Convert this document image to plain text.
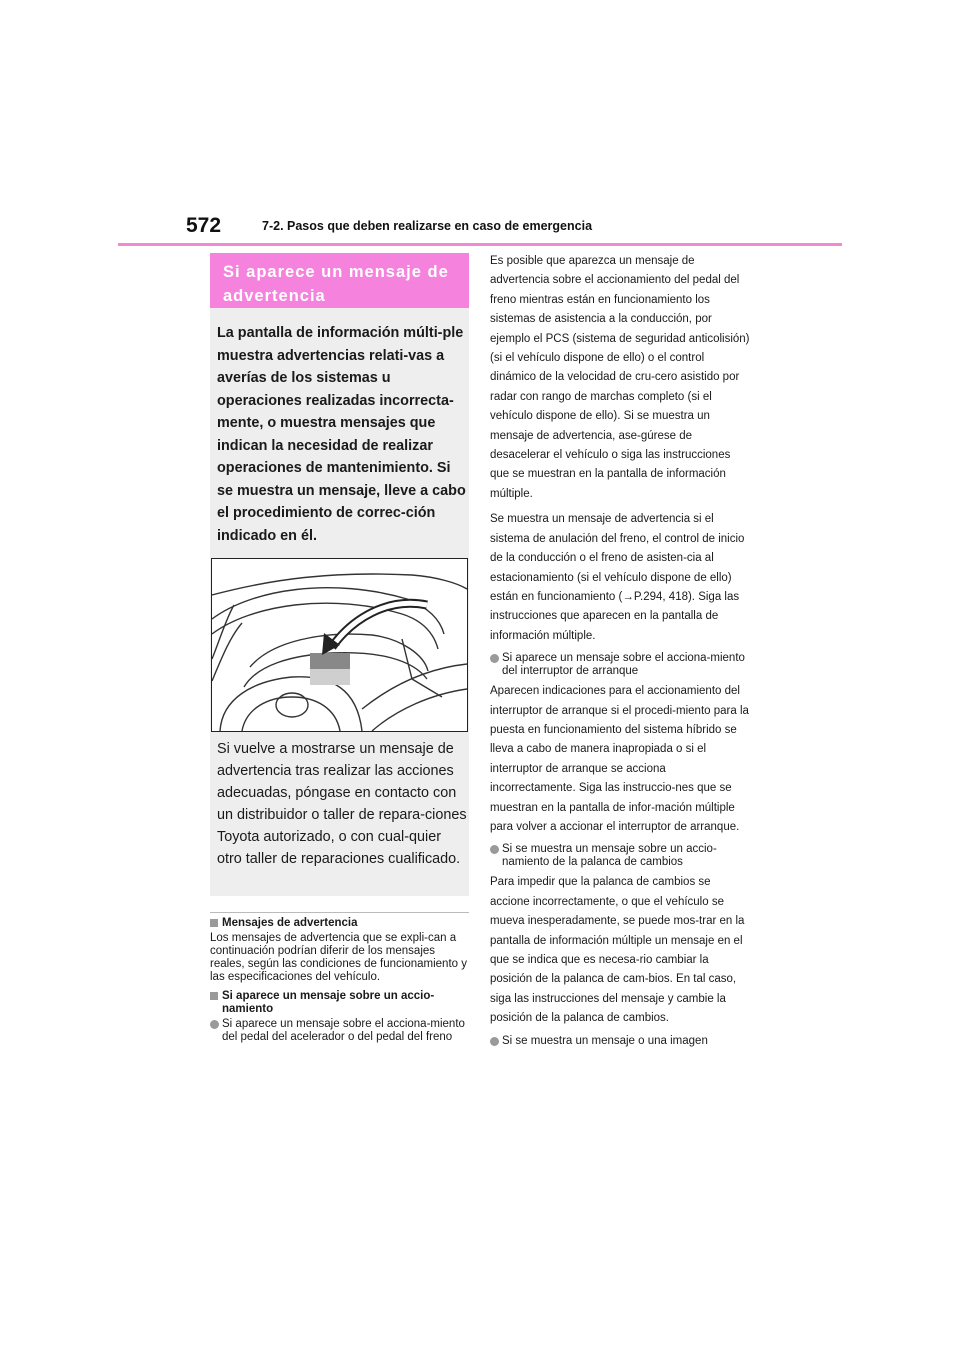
572	7-2. Pasos que deben realizarse en caso de emergencia
Si aparece un mensaje de
advertencia
La pantalla de información múlti-ple muestra advertencias relati-vas a averías de los sistemas u operaciones realizadas incorrecta-mente, o muestra mensajes que indican la necesidad de realizar operaciones de mantenimiento. Si se muestra un mensaje, lleve a cabo el procedimiento de correc-ción indicado en él.
Si vuelve a mostrarse un mensaje de advertencia tras realizar las acciones adecuadas, póngase en contacto con un distribuidor o taller de repara-ciones Toyota autorizado, o con cual-quier otro taller de reparaciones cualificado.

Mensajes de advertencia

Los mensajes de advertencia que se expli-can a continuación podrían diferir de los mensajes reales, según las condiciones de funcionamiento y las especificaciones del vehículo.

Si aparece un mensaje sobre un accio-namiento

Si aparece un mensaje sobre el acciona-miento del pedal del acelerador o del pedal del freno

Es posible que aparezca un mensaje de advertencia sobre el accionamiento del pedal del freno mientras están en funcionamiento los sistemas de asistencia a la conducción, por ejemplo el PCS (sistema de seguridad anticolisión) (si el vehículo dispone de ello) o el control dinámico de la velocidad de cru-cero asistido por radar con rango de marchas completo (si el vehículo dispone de ello). Si se muestra un mensaje de advertencia, ase-gúrese de desacelerar el vehículo o siga las instrucciones que se muestran en la pantalla de información múltiple.

Se muestra un mensaje de advertencia si el sistema de anulación del freno, el control de inicio de la conducción o el freno de asisten-cia al estacionamiento (si el vehículo dispone de ello) están en funcionamiento (→P.294, 418). Siga las instrucciones que aparecen en la pantalla de información múltiple.

Si aparece un mensaje sobre el acciona-miento del interruptor de arranque

Aparecen indicaciones para el accionamiento del interruptor de arranque si el procedi-miento para la puesta en funcionamiento del sistema híbrido se lleva a cabo de manera inapropiada o si el interruptor de arranque se acciona incorrectamente. Siga las instruccio-nes que se muestran en la pantalla de infor-mación múltiple para volver a accionar el interruptor de arranque.

Si se muestra un mensaje sobre un accio-namiento de la palanca de cambios

Para impedir que la palanca de cambios se accione incorrectamente, o que el vehículo se mueva inesperadamente, se puede mos-trar en la pantalla de información múltiple un mensaje en el que se indica que es necesa-rio cambiar la posición de la palanca de cam-bios. En tal caso, siga las instrucciones del mensaje y cambie la posición de la palanca de cambios.

Si se muestra un mensaje o una imagen
